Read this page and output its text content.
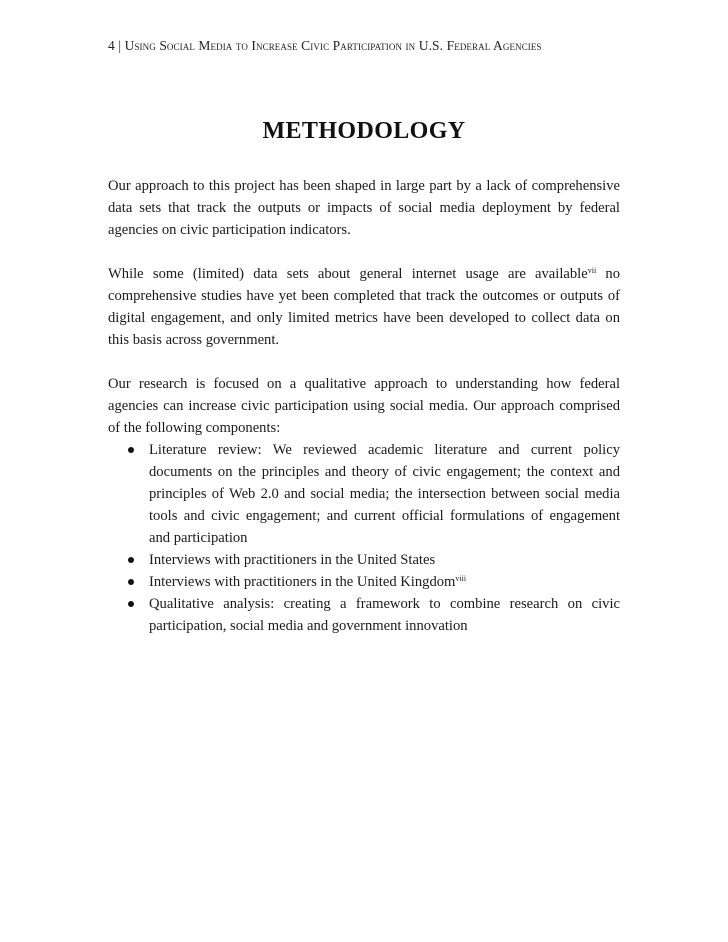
4 | Using Social Media to Increase Civic Participation in U.S. Federal Agencies
METHODOLOGY

Our approach to this project has been shaped in large part by a lack of comprehensive data sets that track the outputs or impacts of social media deployment by federal agencies on civic participation indicators.

While some (limited) data sets about general internet usage are available$^{vii}$ no comprehensive studies have yet been completed that track the outcomes or outputs of digital engagement, and only limited metrics have been developed to collect data on this basis across government.

Our research is focused on a qualitative approach to understanding how federal agencies can increase civic participation using social media. Our approach comprised of the following components:

Literature review: We reviewed academic literature and current policy documents on the principles and theory of civic engagement; the context and principles of Web 2.0 and social media; the intersection between social media tools and civic engagement; and current official formulations of engagement and participation
Interviews with practitioners in the United States
Interviews with practitioners in the United Kingdom$^{viii}$
Qualitative analysis: creating a framework to combine research on civic participation, social media and government innovation
